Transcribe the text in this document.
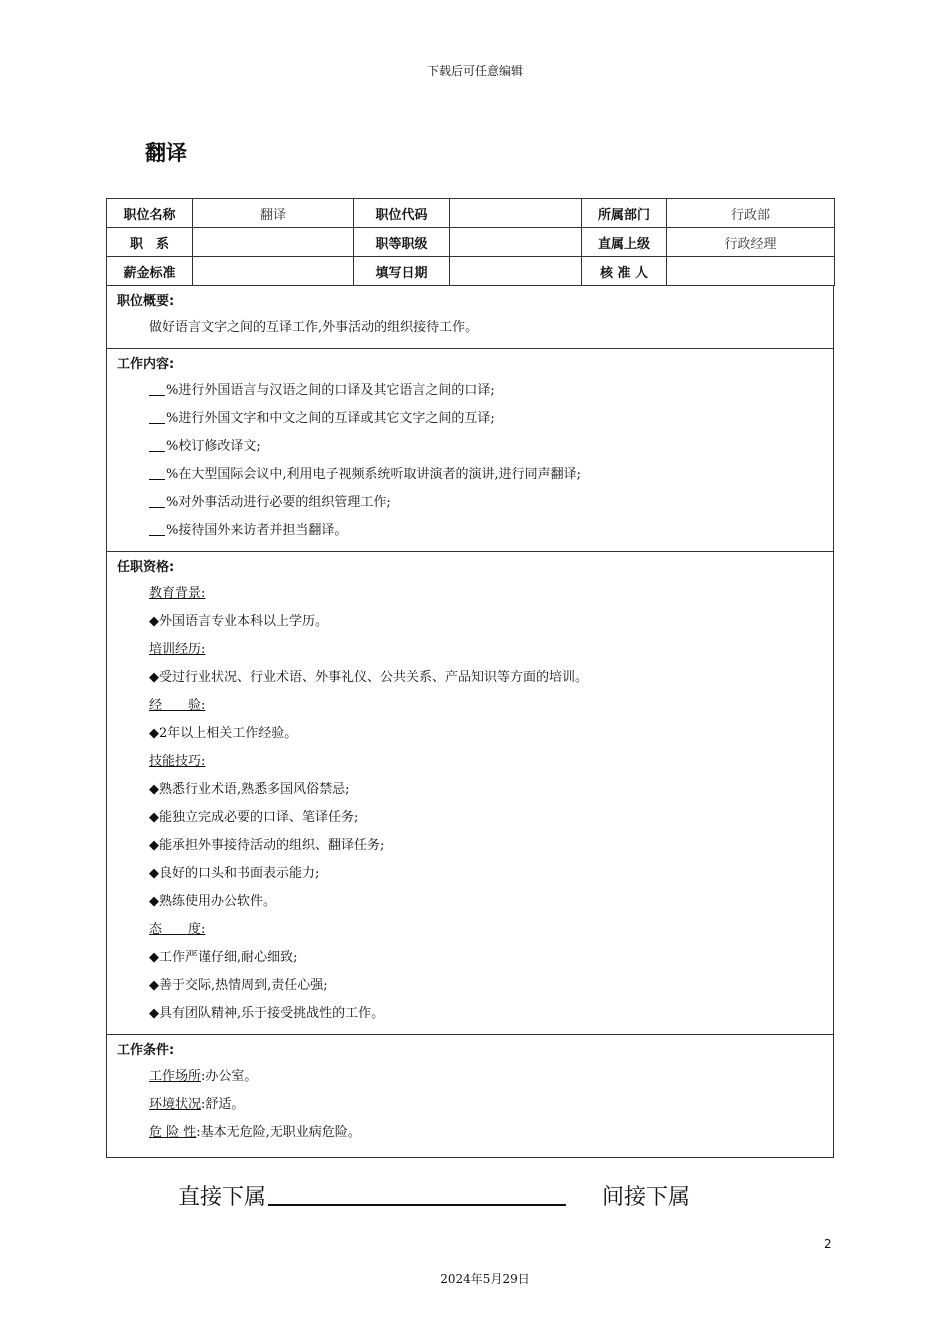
下载后可任意编辑
翻译
职位名称	翻译	职位代码		所属部门	行政部
职　系		职等职级		直属上级	行政经理
薪金标准		填写日期		核 准 人	
职位概要:
做好语言文字之间的互译工作,外事活动的组织接待工作。
工作内容:
%进行外国语言与汉语之间的口译及其它语言之间的口译;
%进行外国文字和中文之间的互译或其它文字之间的互译;
%校订修改译文;
%在大型国际会议中,利用电子视频系统听取讲演者的演讲,进行同声翻译;
%对外事活动进行必要的组织管理工作;
%接待国外来访者并担当翻译。
任职资格:
教育背景:
◆外国语言专业本科以上学历。
培训经历:
◆受过行业状况、行业术语、外事礼仪、公共关系、产品知识等方面的培训。
经　　验:
◆2年以上相关工作经验。
技能技巧:
◆熟悉行业术语,熟悉多国风俗禁忌;
◆能独立完成必要的口译、笔译任务;
◆能承担外事接待活动的组织、翻译任务;
◆良好的口头和书面表示能力;
◆熟练使用办公软件。
态　　度:
◆工作严谨仔细,耐心细致;
◆善于交际,热情周到,责任心强;
◆具有团队精神,乐于接受挑战性的工作。
工作条件:
工作场所:办公室。
环境状况:舒适。
危 险 性:基本无危险,无职业病危险。
直接下属	间接下属
2
2024年5月29日
